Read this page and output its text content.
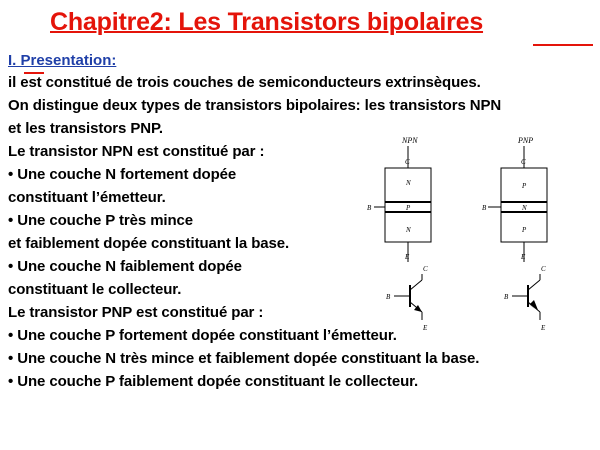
Chapitre2: Les Transistors bipolaires
I. Presentation:
il est constitué de trois couches de semiconducteurs extrinsèques.
On distingue deux types de transistors bipolaires: les transistors NPN
et les transistors PNP.
Le transistor NPN est constitué par :
• Une couche N fortement dopée
constituant l’émetteur.
• Une couche P très mince
et faiblement dopée constituant la base.
• Une couche N faiblement dopée
constituant le collecteur.
Le transistor PNP est constitué par :
• Une couche P fortement dopée constituant l’émetteur.
• Une couche N très mince et faiblement dopée constituant la base.
• Une couche P faiblement dopée constituant le collecteur.
NPN
C
N
P
N
B
E
PNP
C
P
N
P
B
E
C
B
E
C
B
E
